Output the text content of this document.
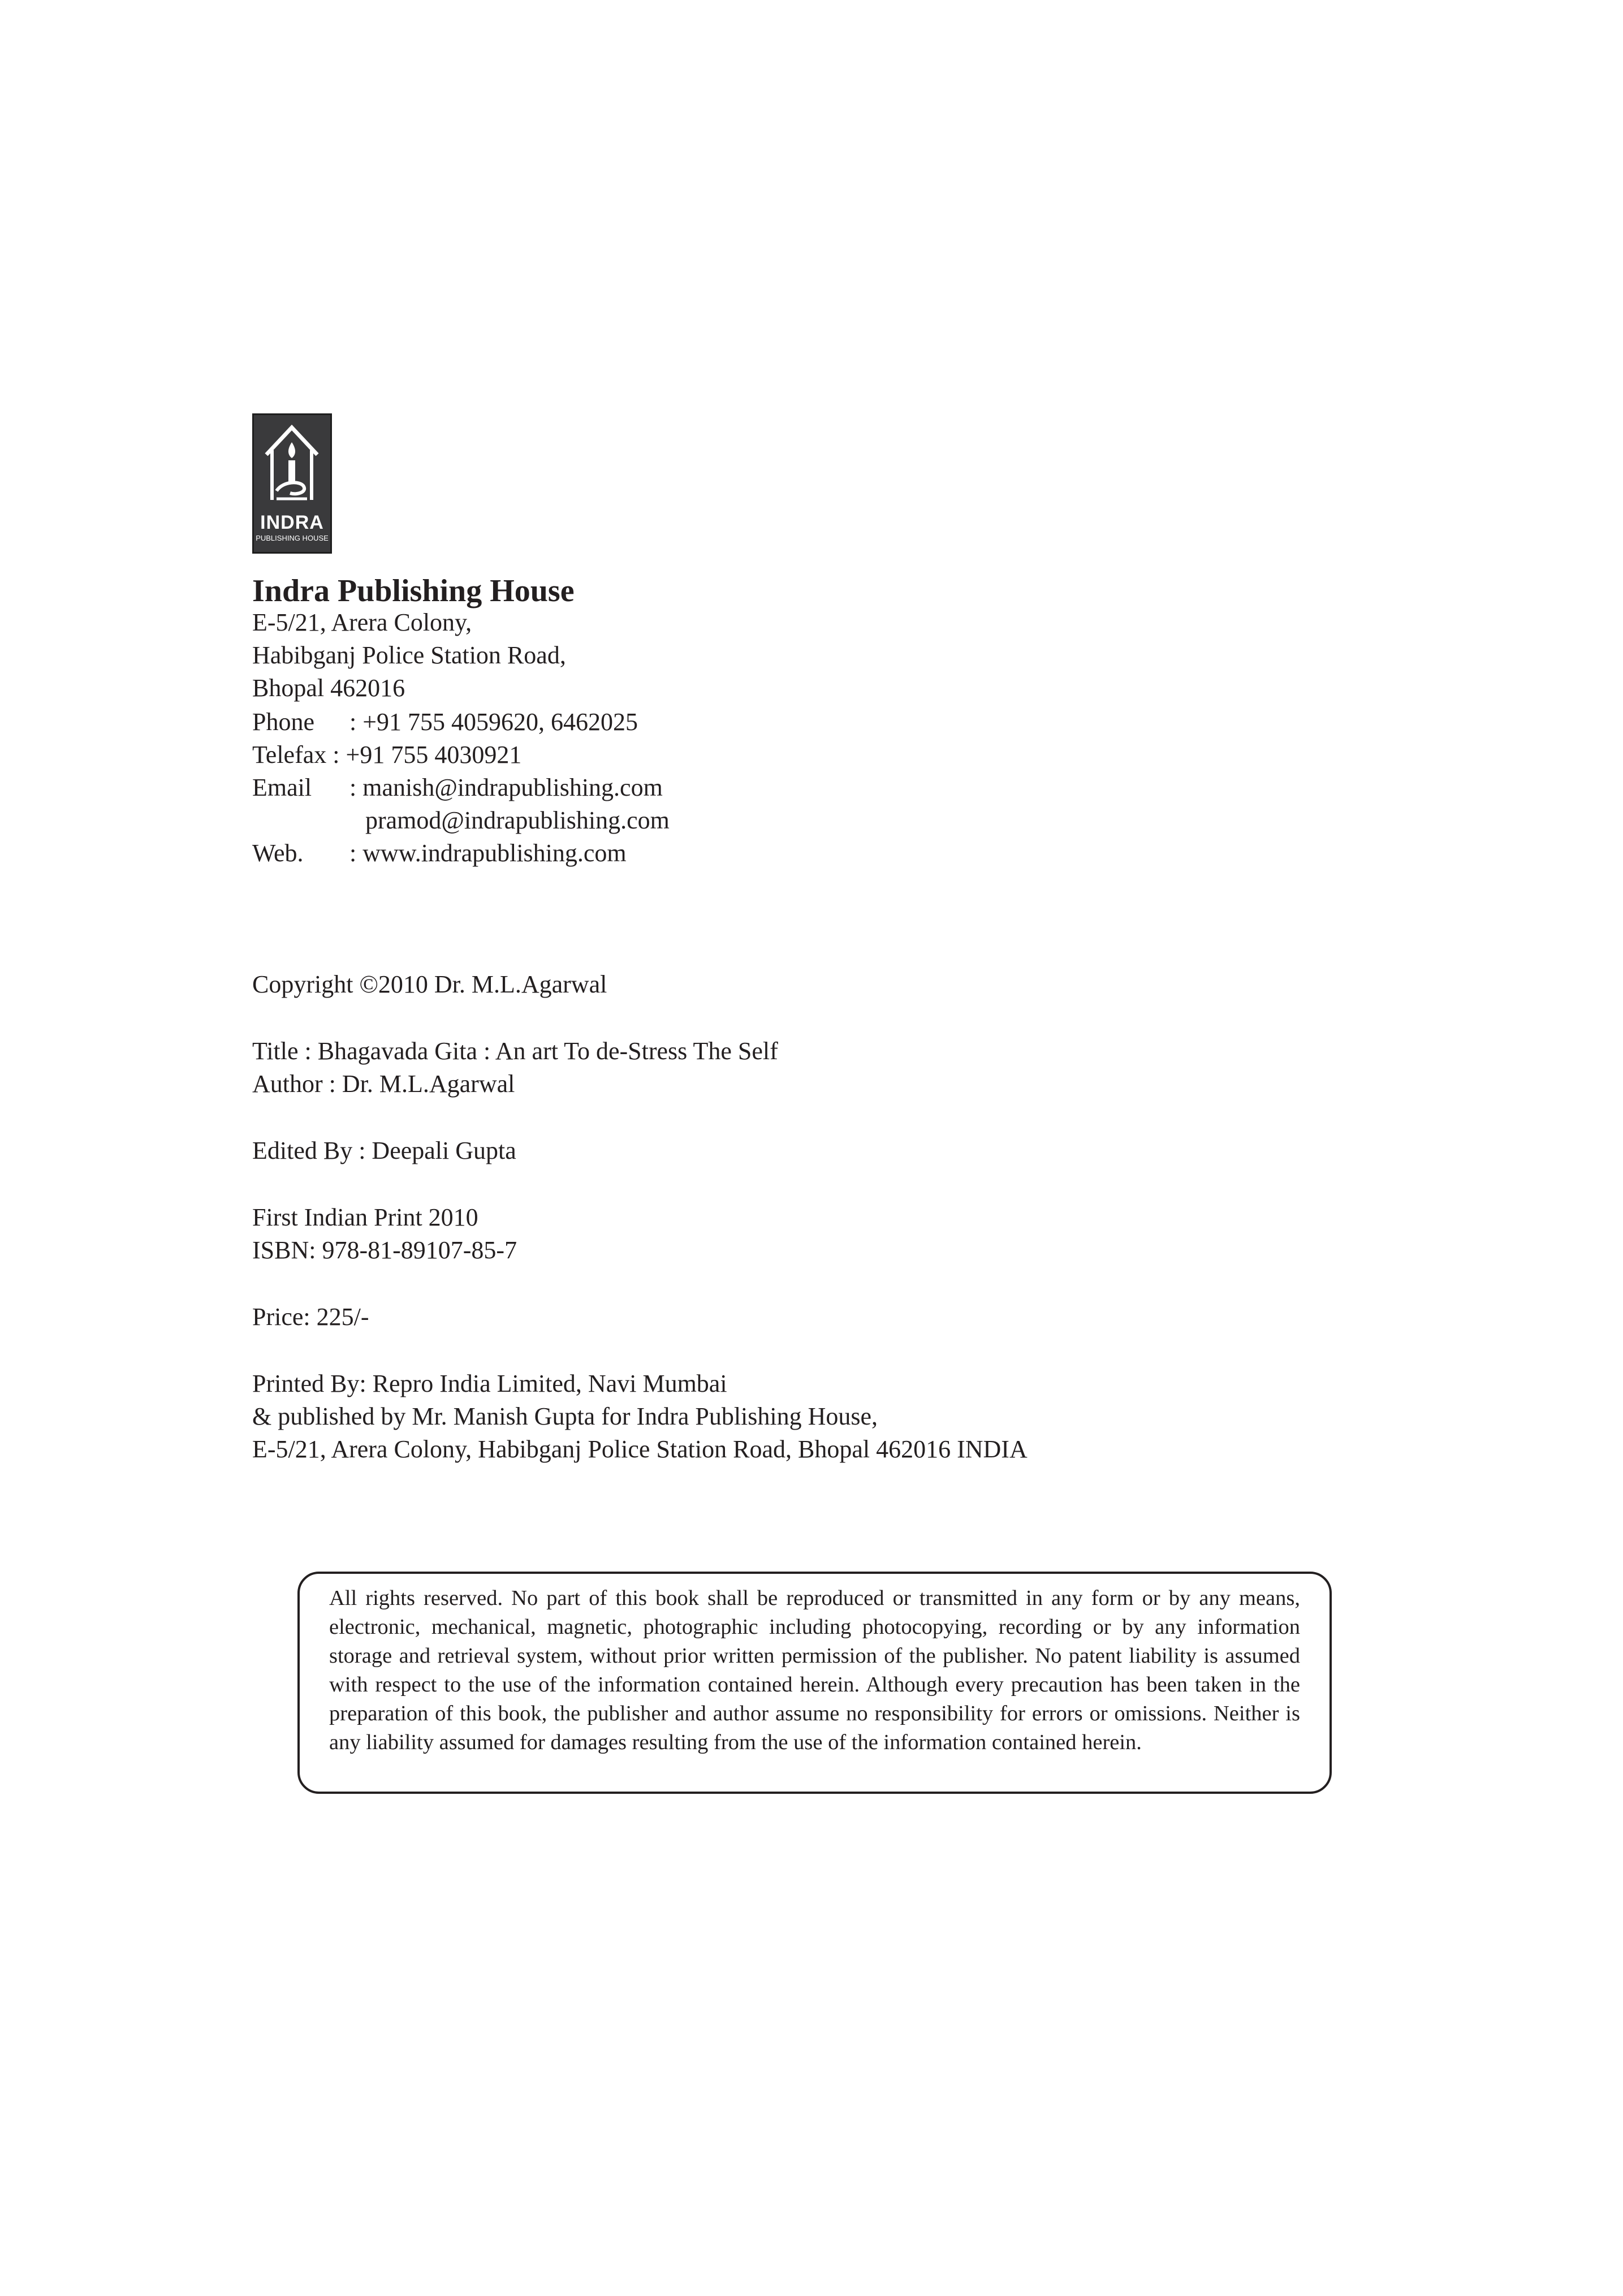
INDRA
PUBLISHING HOUSE
Indra Publishing House
E-5/21, Arera Colony,
Habibganj Police Station Road,
Bhopal 462016
Phone : +91 755 4059620, 6462025
Telefax : +91 755 4030921
Email : manish@indrapublishing.com
pramod@indrapublishing.com
Web. : www.indrapublishing.com
Copyright ©2010 Dr. M.L.Agarwal
Title : Bhagavada Gita : An art To de-Stress The Self
Author : Dr. M.L.Agarwal
Edited By : Deepali Gupta
First Indian Print 2010
ISBN: 978-81-89107-85-7
Price: 225/-
Printed By: Repro India Limited, Navi Mumbai
& published by Mr. Manish Gupta for Indra Publishing House,
E-5/21, Arera Colony, Habibganj Police Station Road, Bhopal 462016 INDIA
All rights reserved. No part of this book shall be reproduced or transmitted in any form or by any means, electronic, mechanical, magnetic, photographic including photocopying, recording or by any information storage and retrieval system, without prior written permission of the publisher. No patent liability is assumed with respect to the use of the information contained herein. Although every precaution has been taken in the preparation of this book, the publisher and author assume no responsibility for errors or omissions. Neither is any liability assumed for damages resulting from the use of the information contained herein.
